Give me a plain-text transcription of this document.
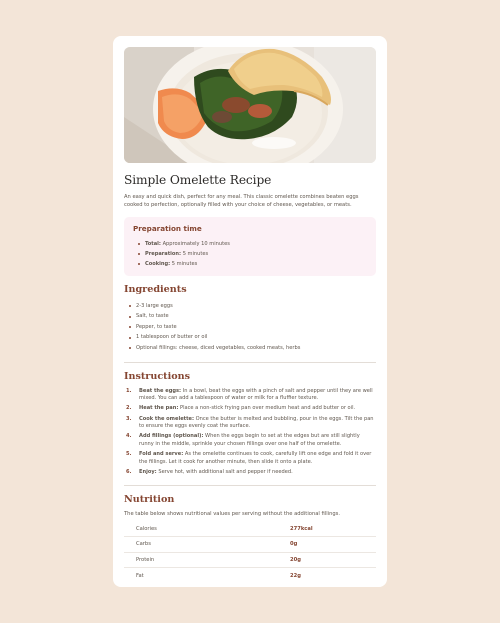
Simple Omelette Recipe

An easy and quick dish, perfect for any meal. This classic omelette combines beaten eggs cooked to perfection, optionally filled with your choice of cheese, vegetables, or meats.

Preparation time
Total: Approximately 10 minutes
Preparation: 5 minutes
Cooking: 5 minutes
Ingredients
2-3 large eggs
Salt, to taste
Pepper, to taste
1 tablespoon of butter or oil
Optional fillings: cheese, diced vegetables, cooked meats, herbs
Instructions
1.	Beat the eggs: In a bowl, beat the eggs with a pinch of salt and pepper until they are well mixed. You can add a tablespoon of water or milk for a fluffier texture.
2.	Heat the pan: Place a non-stick frying pan over medium heat and add butter or oil.
3.	Cook the omelette: Once the butter is melted and bubbling, pour in the eggs. Tilt the pan to ensure the eggs evenly coat the surface.
4.	Add fillings (optional): When the eggs begin to set at the edges but are still slightly runny in the middle, sprinkle your chosen fillings over one half of the omelette.
5.	Fold and serve: As the omelette continues to cook, carefully lift one edge and fold it over the fillings. Let it cook for another minute, then slide it onto a plate.
6.	Enjoy: Serve hot, with additional salt and pepper if needed.
Nutrition

The table below shows nutritional values per serving without the additional fillings.

Calories	277kcal
Carbs	0g
Protein	20g
Fat	22g
